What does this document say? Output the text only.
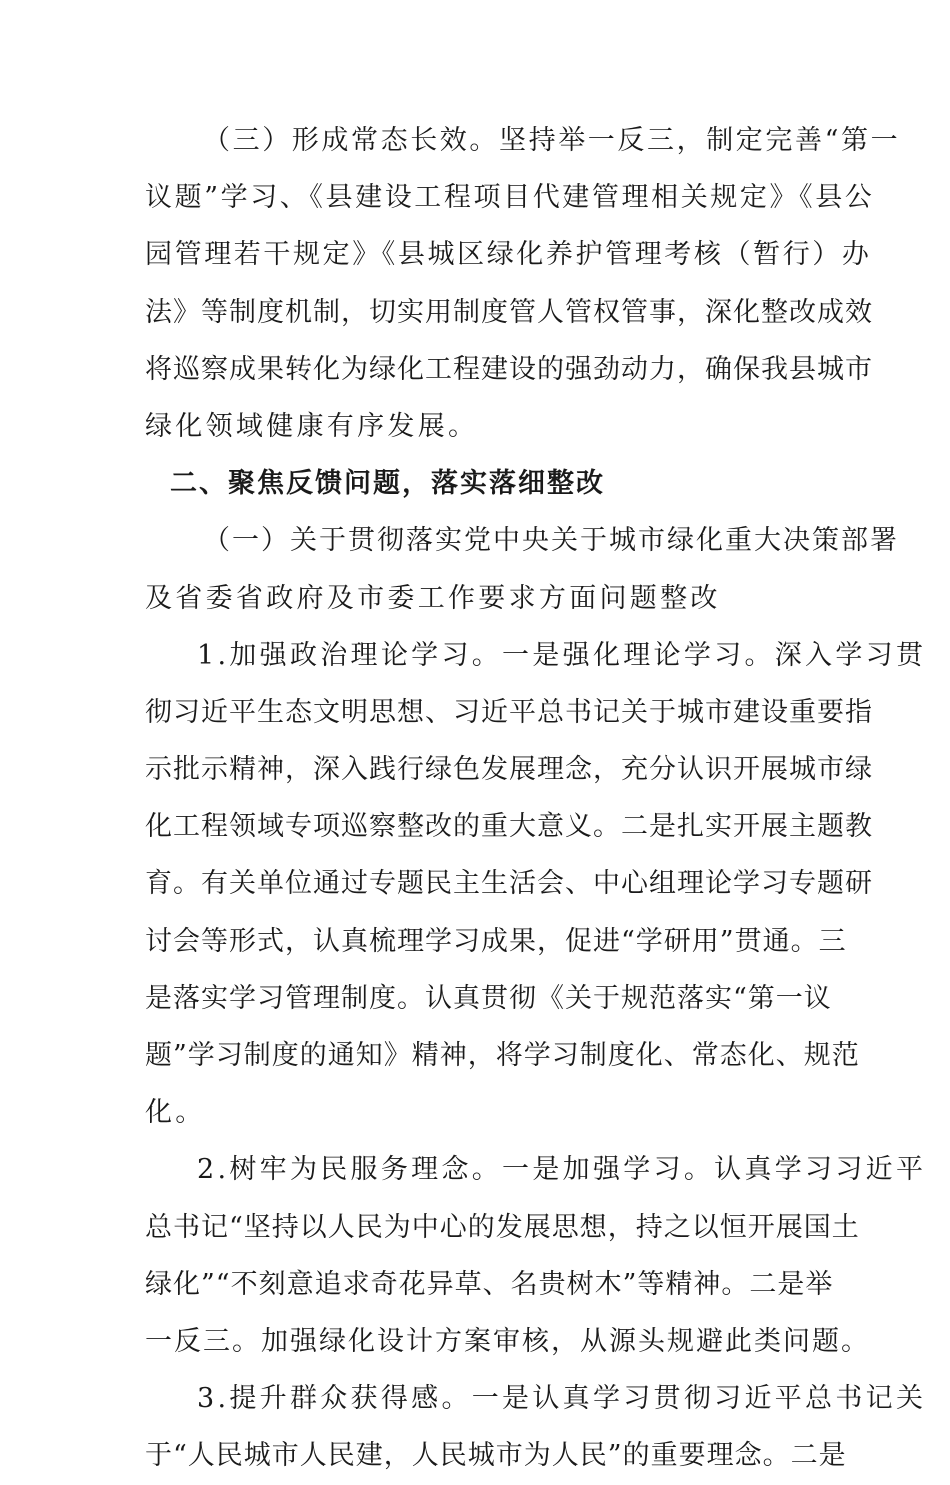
（三）形成常态长效。坚持举一反三，制定完善“第一
议题”学习、《县建设工程项目代建管理相关规定》《县公
园管理若干规定》《县城区绿化养护管理考核（暂行）办
法》等制度机制，切实用制度管人管权管事，深化整改成效
将巡察成果转化为绿化工程建设的强劲动力，确保我县城市
绿化领域健康有序发展。
二、聚焦反馈问题，落实落细整改
（一）关于贯彻落实党中央关于城市绿化重大决策部署
及省委省政府及市委工作要求方面问题整改
1.加强政治理论学习。一是强化理论学习。深入学习贯
彻习近平生态文明思想、习近平总书记关于城市建设重要指
示批示精神，深入践行绿色发展理念，充分认识开展城市绿
化工程领域专项巡察整改的重大意义。二是扎实开展主题教
育。有关单位通过专题民主生活会、中心组理论学习专题研
讨会等形式，认真梳理学习成果，促进“学研用”贯通。三
是落实学习管理制度。认真贯彻《关于规范落实“第一议
题”学习制度的通知》精神，将学习制度化、常态化、规范
化。
2.树牢为民服务理念。一是加强学习。认真学习习近平
总书记“坚持以人民为中心的发展思想，持之以恒开展国土
绿化”“不刻意追求奇花异草、名贵树木”等精神。二是举
一反三。加强绿化设计方案审核，从源头规避此类问题。
3.提升群众获得感。一是认真学习贯彻习近平总书记关
于“人民城市人民建，人民城市为人民”的重要理念。二是
